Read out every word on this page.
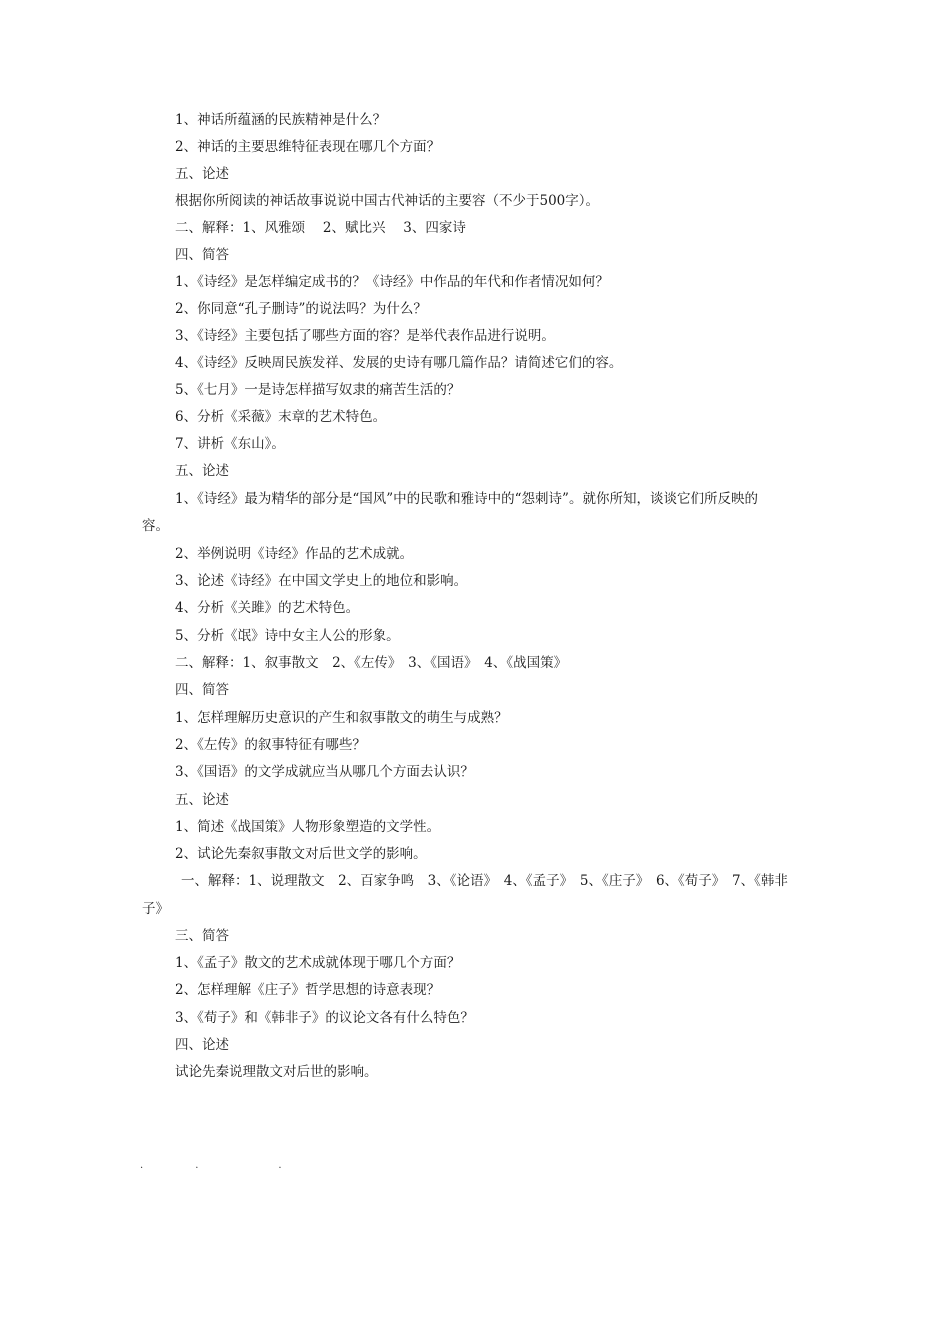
1、神话所蕴涵的民族精神是什么？
2、神话的主要思维特征表现在哪几个方面？
五、论述
根据你所阅读的神话故事说说中国古代神话的主要容（不少于500字）。
二、解释：1、风雅颂　 2、赋比兴　 3、四家诗
四、简答
1、《诗经》是怎样编定成书的？《诗经》中作品的年代和作者情况如何？
2、你同意“孔子删诗”的说法吗？为什么？
3、《诗经》主要包括了哪些方面的容？是举代表作品进行说明。
4、《诗经》反映周民族发祥、发展的史诗有哪几篇作品？请简述它们的容。
5、《七月》一是诗怎样描写奴隶的痛苦生活的？
6、分析《采薇》末章的艺术特色。
7、讲析《东山》。
五、论述
1、《诗经》最为精华的部分是“国风”中的民歌和雅诗中的“怨刺诗”。就你所知，谈谈它们所反映的
容。
2、举例说明《诗经》作品的艺术成就。
3、论述《诗经》在中国文学史上的地位和影响。
4、分析《关雎》的艺术特色。
5、分析《氓》诗中女主人公的形象。
二、解释：1、叙事散文　2、《左传》　3、《国语》　4、《战国策》
四、简答
1、怎样理解历史意识的产生和叙事散文的萌生与成熟？
2、《左传》的叙事特征有哪些？
3、《国语》的文学成就应当从哪几个方面去认识？
五、论述
1、简述《战国策》人物形象塑造的文学性。
2、试论先秦叙事散文对后世文学的影响。
一、解释：1、说理散文　2、百家争鸣　3、《论语》　4、《孟子》　5、《庄子》　6、《荀子》　7、《韩非
子》
三、简答
1、《孟子》散文的艺术成就体现于哪几个方面？
2、怎样理解《庄子》哲学思想的诗意表现？
3、《荀子》和《韩非子》的议论文各有什么特色？
四、论述
试论先秦说理散文对后世的影响。
.	.	.
